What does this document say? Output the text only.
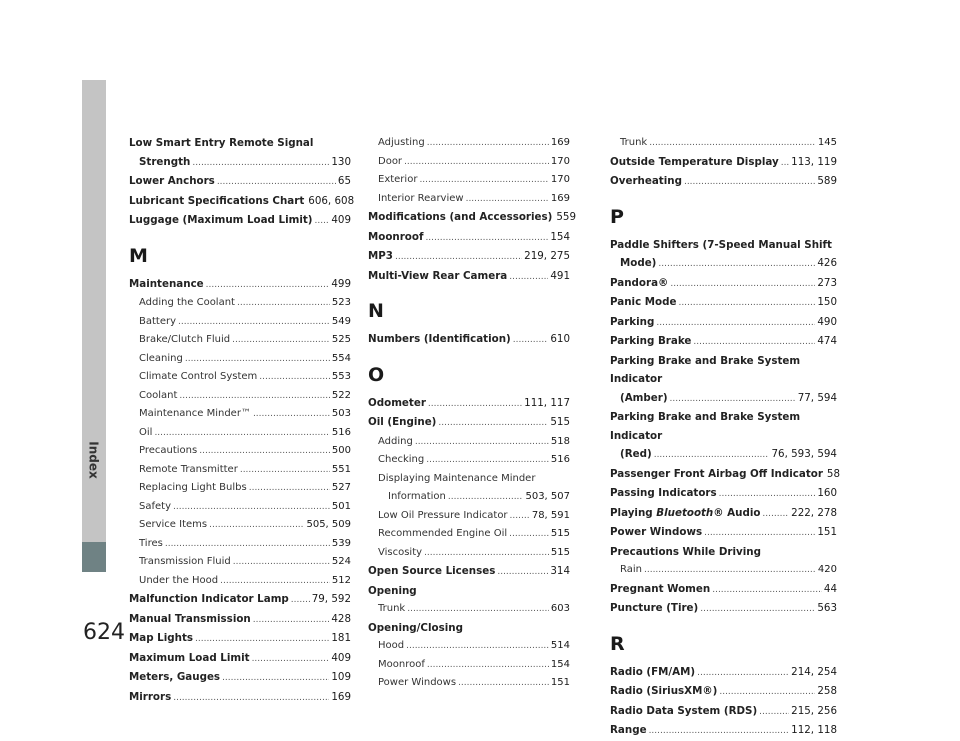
Index
624
Low Smart Entry Remote Signal
Strength .....	130
Lower Anchors .....	65
Lubricant Specifications Chart 606, 608
Luggage (Maximum Load Limit) ..... 409
M
Maintenance .....	499
Adding the Coolant .....	523
Battery .....	549
Brake/Clutch Fluid .....	525
Cleaning .....	554
Climate Control System .....	553
Coolant .....	522
Maintenance Minder™ .....	503
Oil .....	516
Precautions .....	500
Remote Transmitter .....	551
Replacing Light Bulbs .....	527
Safety .....	501
Service Items .....	505, 509
Tires .....	539
Transmission Fluid .....	524
Under the Hood .....	512
Malfunction Indicator Lamp ..... 79, 592
Manual Transmission .....	428
Map Lights .....	181
Maximum Load Limit .....	409
Meters, Gauges .....	109
Mirrors .....	169
Adjusting .....	169
Door .....	170
Exterior .....	170
Interior Rearview .....	169
Modifications (and Accessories) 559
Moonroof .....	154
MP3 .....	219, 275
Multi-View Rear Camera .....	491
N
Numbers (Identification) .....	610
O
Odometer .....	111, 117
Oil (Engine) .....	515
Adding .....	518
Checking .....	516
Displaying Maintenance Minder
Information .....	503, 507
Low Oil Pressure Indicator ..... 78, 591
Recommended Engine Oil .....	515
Viscosity .....	515
Open Source Licenses .....	314
Opening
Trunk .....	603
Opening/Closing
Hood .....	514
Moonroof .....	154
Power Windows .....	151
Trunk .....	145
Outside Temperature Display ..... 113, 119
Overheating .....	589
P
Paddle Shifters (7-Speed Manual Shift
Mode) .....	426
Pandora® .....	273
Panic Mode .....	150
Parking .....	490
Parking Brake .....	474
Parking Brake and Brake System Indicator
(Amber) .....	77, 594
Parking Brake and Brake System Indicator
(Red) .....	76, 593, 594
Passenger Front Airbag Off Indicator 58
Passing Indicators .....	160
Playing Bluetooth® Audio .....	222, 278
Power Windows .....	151
Precautions While Driving
Rain .....	420
Pregnant Women .....	44
Puncture (Tire) .....	563
R
Radio (FM/AM) .....	214, 254
Radio (SiriusXM®) .....	258
Radio Data System (RDS) .....	215, 256
Range .....	112, 118
